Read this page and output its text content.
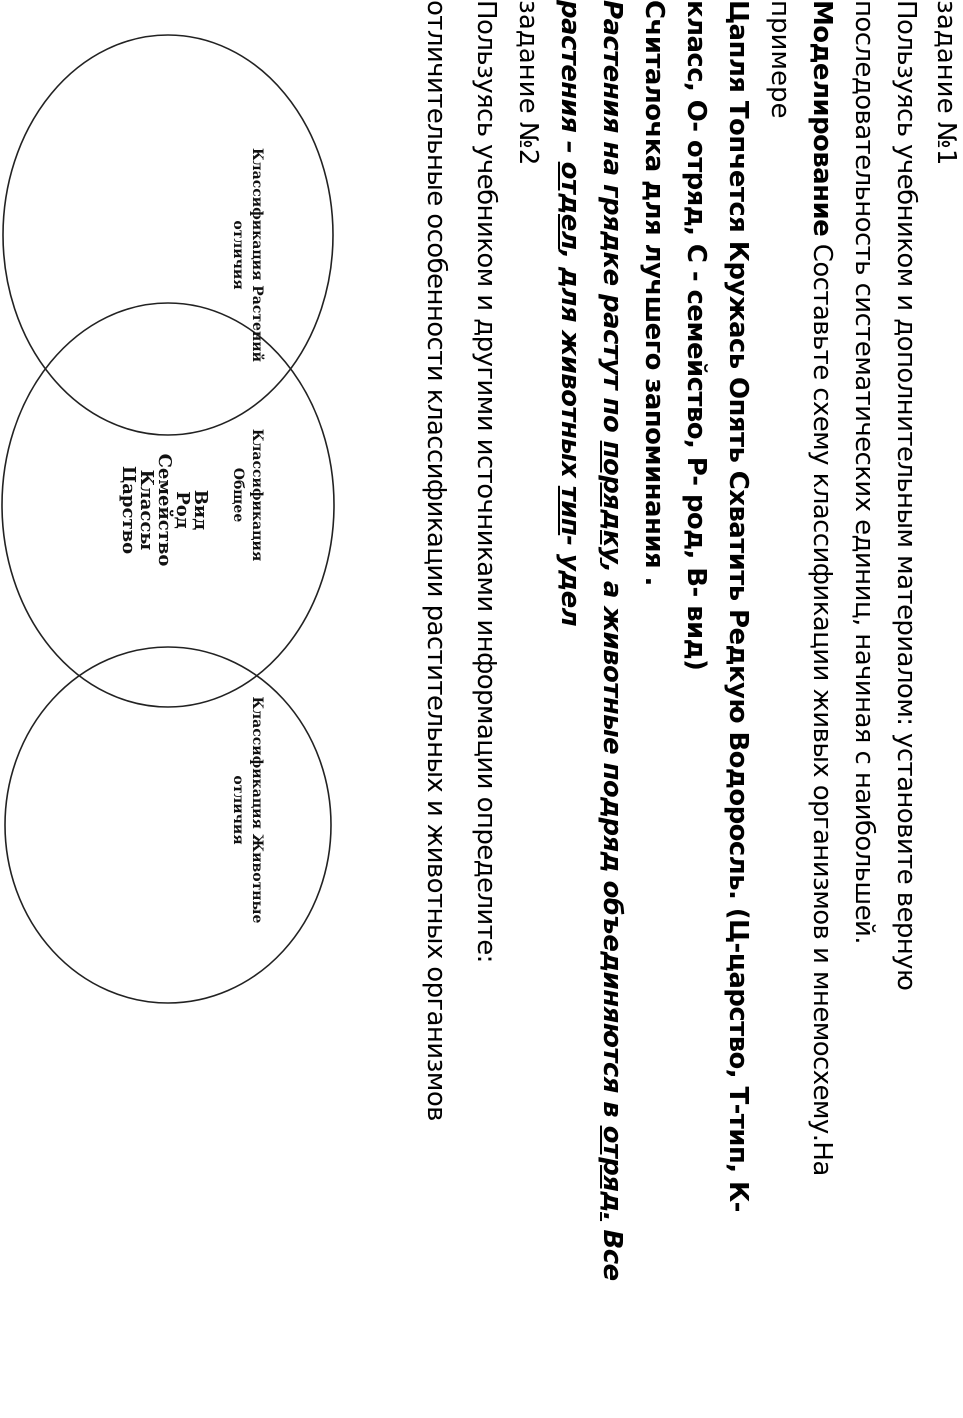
задание №1
Пользуясь учебником и дополнительным материалом: установите верную
последовательность систематических единиц, начиная с наибольшей.
Моделирование Составьте схему классификации живых организмов и мнемосхему.На
примере
Цапля Топчется Кружась Опять Схватить Редкую Водоросль. (Ц-царство, Т-тип, К-
класс, О- отряд, С - семейство, Р- род, В- вид)
Считалочка для лучшего запоминания .
Растения на грядке растут по порядку, а животные подряд объединяются в отряд. Все
растения – отдел, для животных тип- удел
задание №2
Пользуясь учебником и другими источниками информации определите:
отличительные особенности классификации растительных и животных организмов
Классификация Растений
отличия
Классификация
Общее
Вид
Род
Семейство
Классы
Царство
Классификация Животные
отличия
